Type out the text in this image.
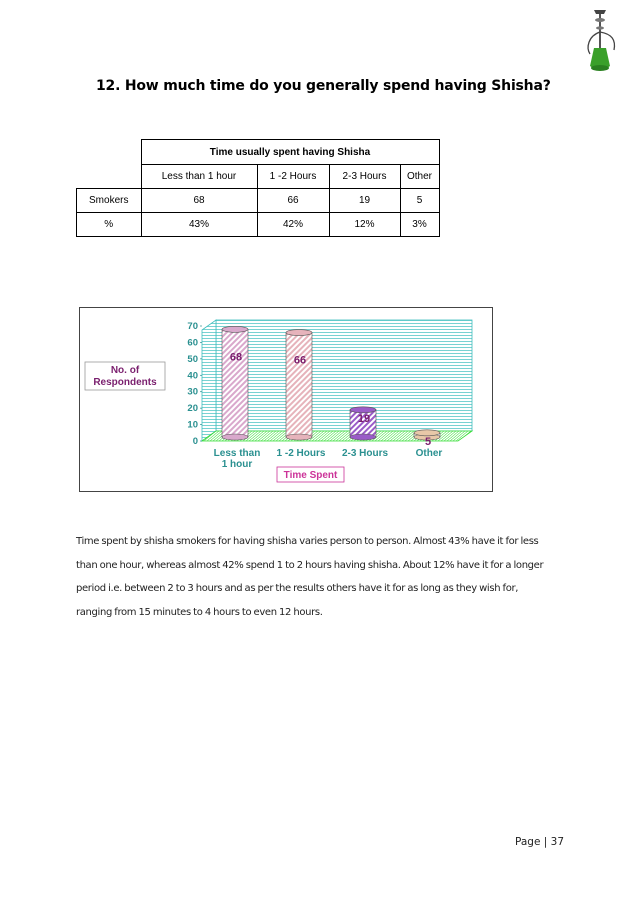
12. How much time do you generally spend having Shisha?
	Time usually spent having Shisha			
	Less than 1 hour	1 -2 Hours	2-3 Hours	Other
Smokers	68	66	19	5
%	43%	42%	12%	3%
0
10
20
30
40
50
60
70
68	66
19
5
Less than
1 hour
1 -2 Hours 2-3 Hours	Other
Time Spent
No. of
Respondents

Time spent by shisha smokers for having shisha varies person to person. Almost 43% have it for less

than one hour, whereas almost 42% spend 1 to 2 hours having shisha. About 12% have it for a longer

period i.e. between 2 to 3 hours and as per the results others have it for as long as they wish for,

ranging from 15 minutes to 4 hours to even 12 hours.

Page | 37
